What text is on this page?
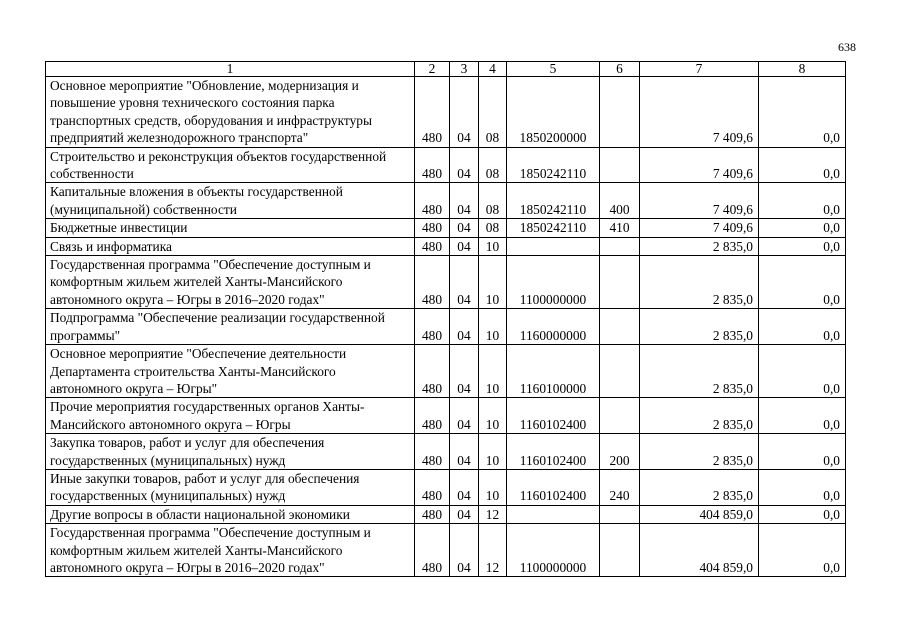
638
1	2	3	4	5	6	7	8
Основное мероприятие "Обновление, модернизация и повышение уровня технического состояния парка транспортных средств, оборудования и инфраструктуры предприятий железнодорожного транспорта"	480	04	08	1850200000		7 409,6	0,0
Строительство и реконструкция объектов государственной собственности	480	04	08	1850242110		7 409,6	0,0
Капитальные вложения в объекты государственной (муниципальной) собственности	480	04	08	1850242110	400	7 409,6	0,0
Бюджетные инвестиции	480	04	08	1850242110	410	7 409,6	0,0
Связь и информатика	480	04	10			2 835,0	0,0
Государственная программа "Обеспечение доступным и комфортным жильем жителей Ханты-Мансийского автономного округа – Югры в 2016–2020 годах"	480	04	10	1100000000		2 835,0	0,0
Подпрограмма "Обеспечение реализации государственной программы"	480	04	10	1160000000		2 835,0	0,0
Основное мероприятие "Обеспечение деятельности Департамента строительства Ханты-Мансийского автономного округа – Югры"	480	04	10	1160100000		2 835,0	0,0
Прочие мероприятия государственных органов Ханты-Мансийского автономного округа – Югры	480	04	10	1160102400		2 835,0	0,0
Закупка товаров, работ и услуг для обеспечения государственных (муниципальных) нужд	480	04	10	1160102400	200	2 835,0	0,0
Иные закупки товаров, работ и услуг для обеспечения государственных (муниципальных) нужд	480	04	10	1160102400	240	2 835,0	0,0
Другие вопросы в области национальной экономики	480	04	12			404 859,0	0,0
Государственная программа "Обеспечение доступным и комфортным жильем жителей Ханты-Мансийского автономного округа – Югры в 2016–2020 годах"	480	04	12	1100000000		404 859,0	0,0
